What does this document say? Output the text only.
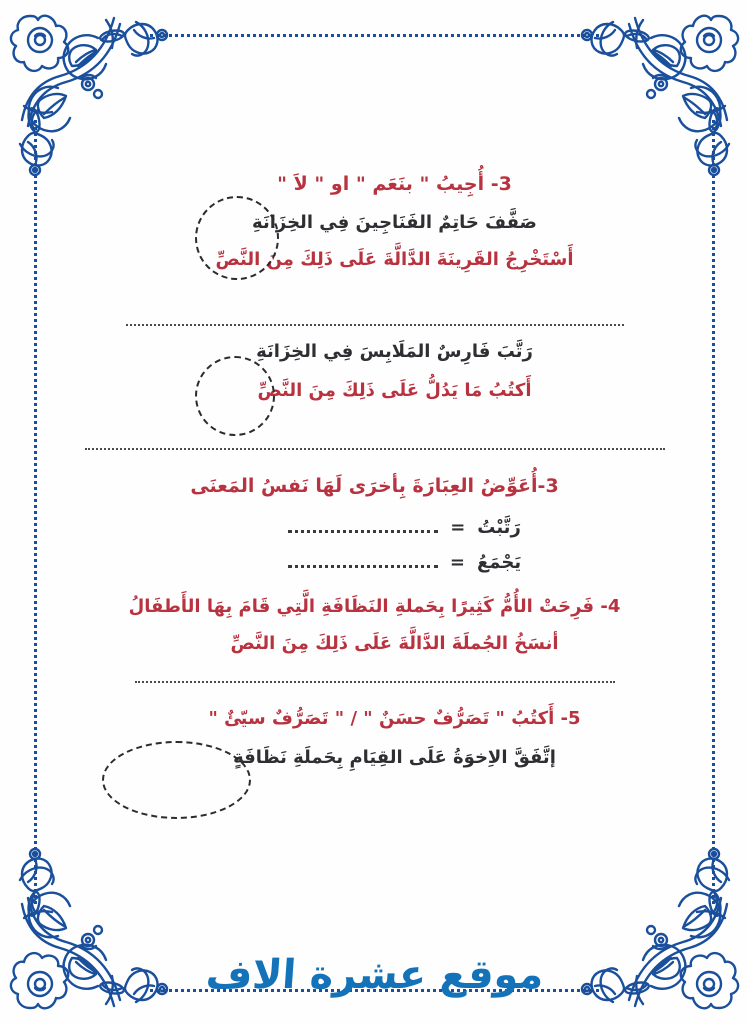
3- أُجِيبُ " بنَعَم " او " لاَ "
صَفَّفَ حَاتِمٌ الفَنَاجِينَ فِي الخِزَانَةِ
أَسْتَخْرِجُ القَرِينَةَ الدَّالَّةَ عَلَى ذَلِكَ مِنَ النَّصِّ
رَتَّبَ فَارِسٌ المَلَابِسَ فِي الخِزَانَةِ
أَكتُبُ مَا يَدُلُّ عَلَى ذَلِكَ مِنَ النَّصِّ
3-أُعَوِّضُ العِبَارَةَ بِأخرَى لَهَا نَفسُ المَعنَى
رَتَّبْتُ
=
يَجْمَعُ
=
4- فَرِحَتْ الأُمُّ كَثِيرًا بِحَملةِ النَظَافَةِ الَّتِي قَامَ بِهَا الأَطفَالُ
أنسَخُ الجُملَةَ الدَّالَّةَ عَلَى ذَلِكَ مِنَ النَّصِّ
5- أَكتُبُ " تَصَرُّفٌ حسَنٌ " / " تَصَرُّفٌ سيّئٌ "
إتَّفَقَّ الاِخوَةُ عَلَى القِيَامِ بِحَملَةِ نَظَافَةٍ
موقع عشرة الاف
